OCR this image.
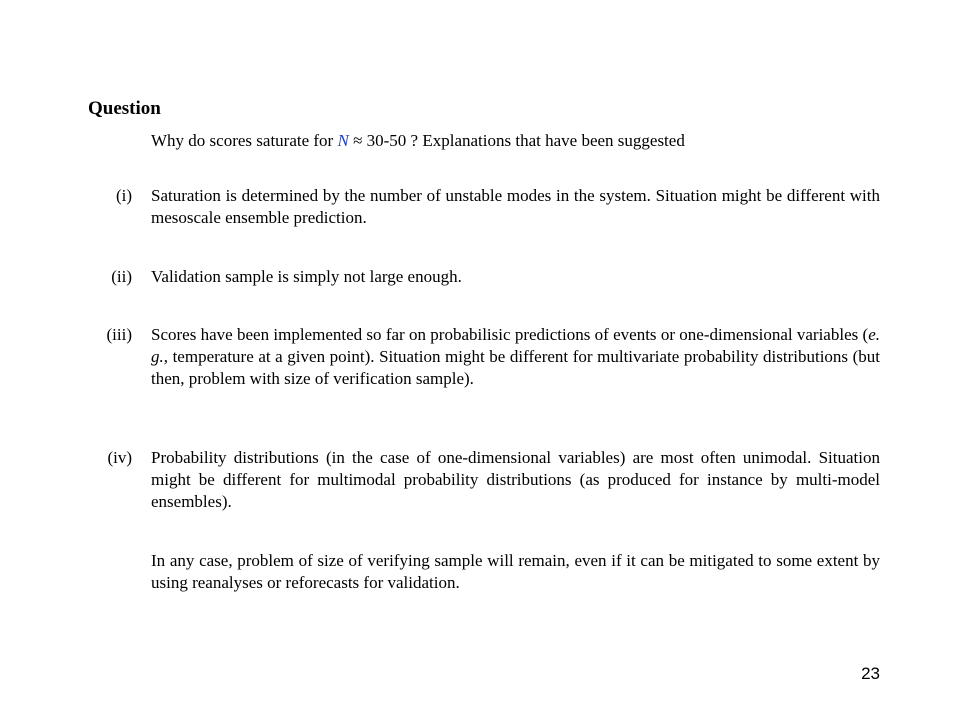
Question
Why do scores saturate for N ≈ 30-50 ? Explanations that have been suggested
(i) Saturation is determined by the number of unstable modes in the system. Situation might be different with mesoscale ensemble prediction.
(ii) Validation sample is simply not large enough.
(iii) Scores have been implemented so far on probabilisic predictions of events or one-dimensional variables (e. g., temperature at a given point). Situation might be different for multivariate probability distributions (but then, problem with size of verification sample).
(iv) Probability distributions (in the case of one-dimensional variables) are most often unimodal. Situation might be different for multimodal probability distributions (as produced for instance by multi-model ensembles).
In any case, problem of size of verifying sample will remain, even if it can be mitigated to some extent by using reanalyses or reforecasts for validation.
23
